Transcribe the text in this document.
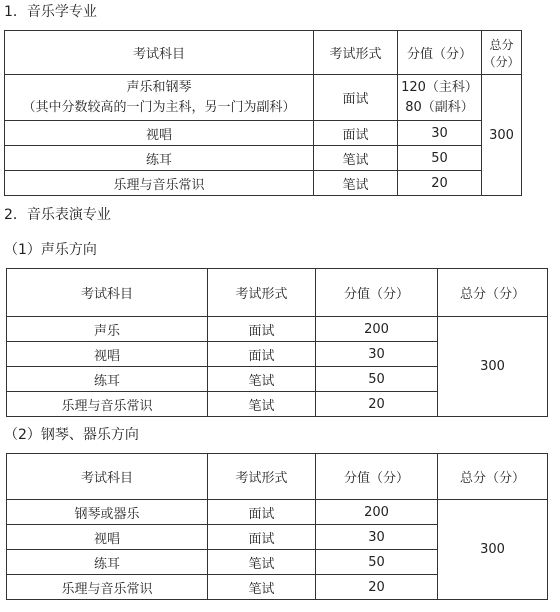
1．音乐学专业
考试科目	考试形式	分值（分）	总分（分）

声乐和钢琴
（其中分数较高的一门为主科，另一门为副科）	面试	120（主科）
80（副科）	300
视唱	面试	30	
练耳	笔试	50	
乐理与音乐常识	笔试	20	
2．音乐表演专业
（1）声乐方向
考试科目	考试形式	分值（分）	总分（分）
声乐	面试	200	300
视唱	面试	30	
练耳	笔试	50	
乐理与音乐常识	笔试	20	
（2）钢琴、器乐方向
考试科目	考试形式	分值（分）	总分（分）
钢琴或器乐	面试	200	300
视唱	面试	30	
练耳	笔试	50	
乐理与音乐常识	笔试	20	
